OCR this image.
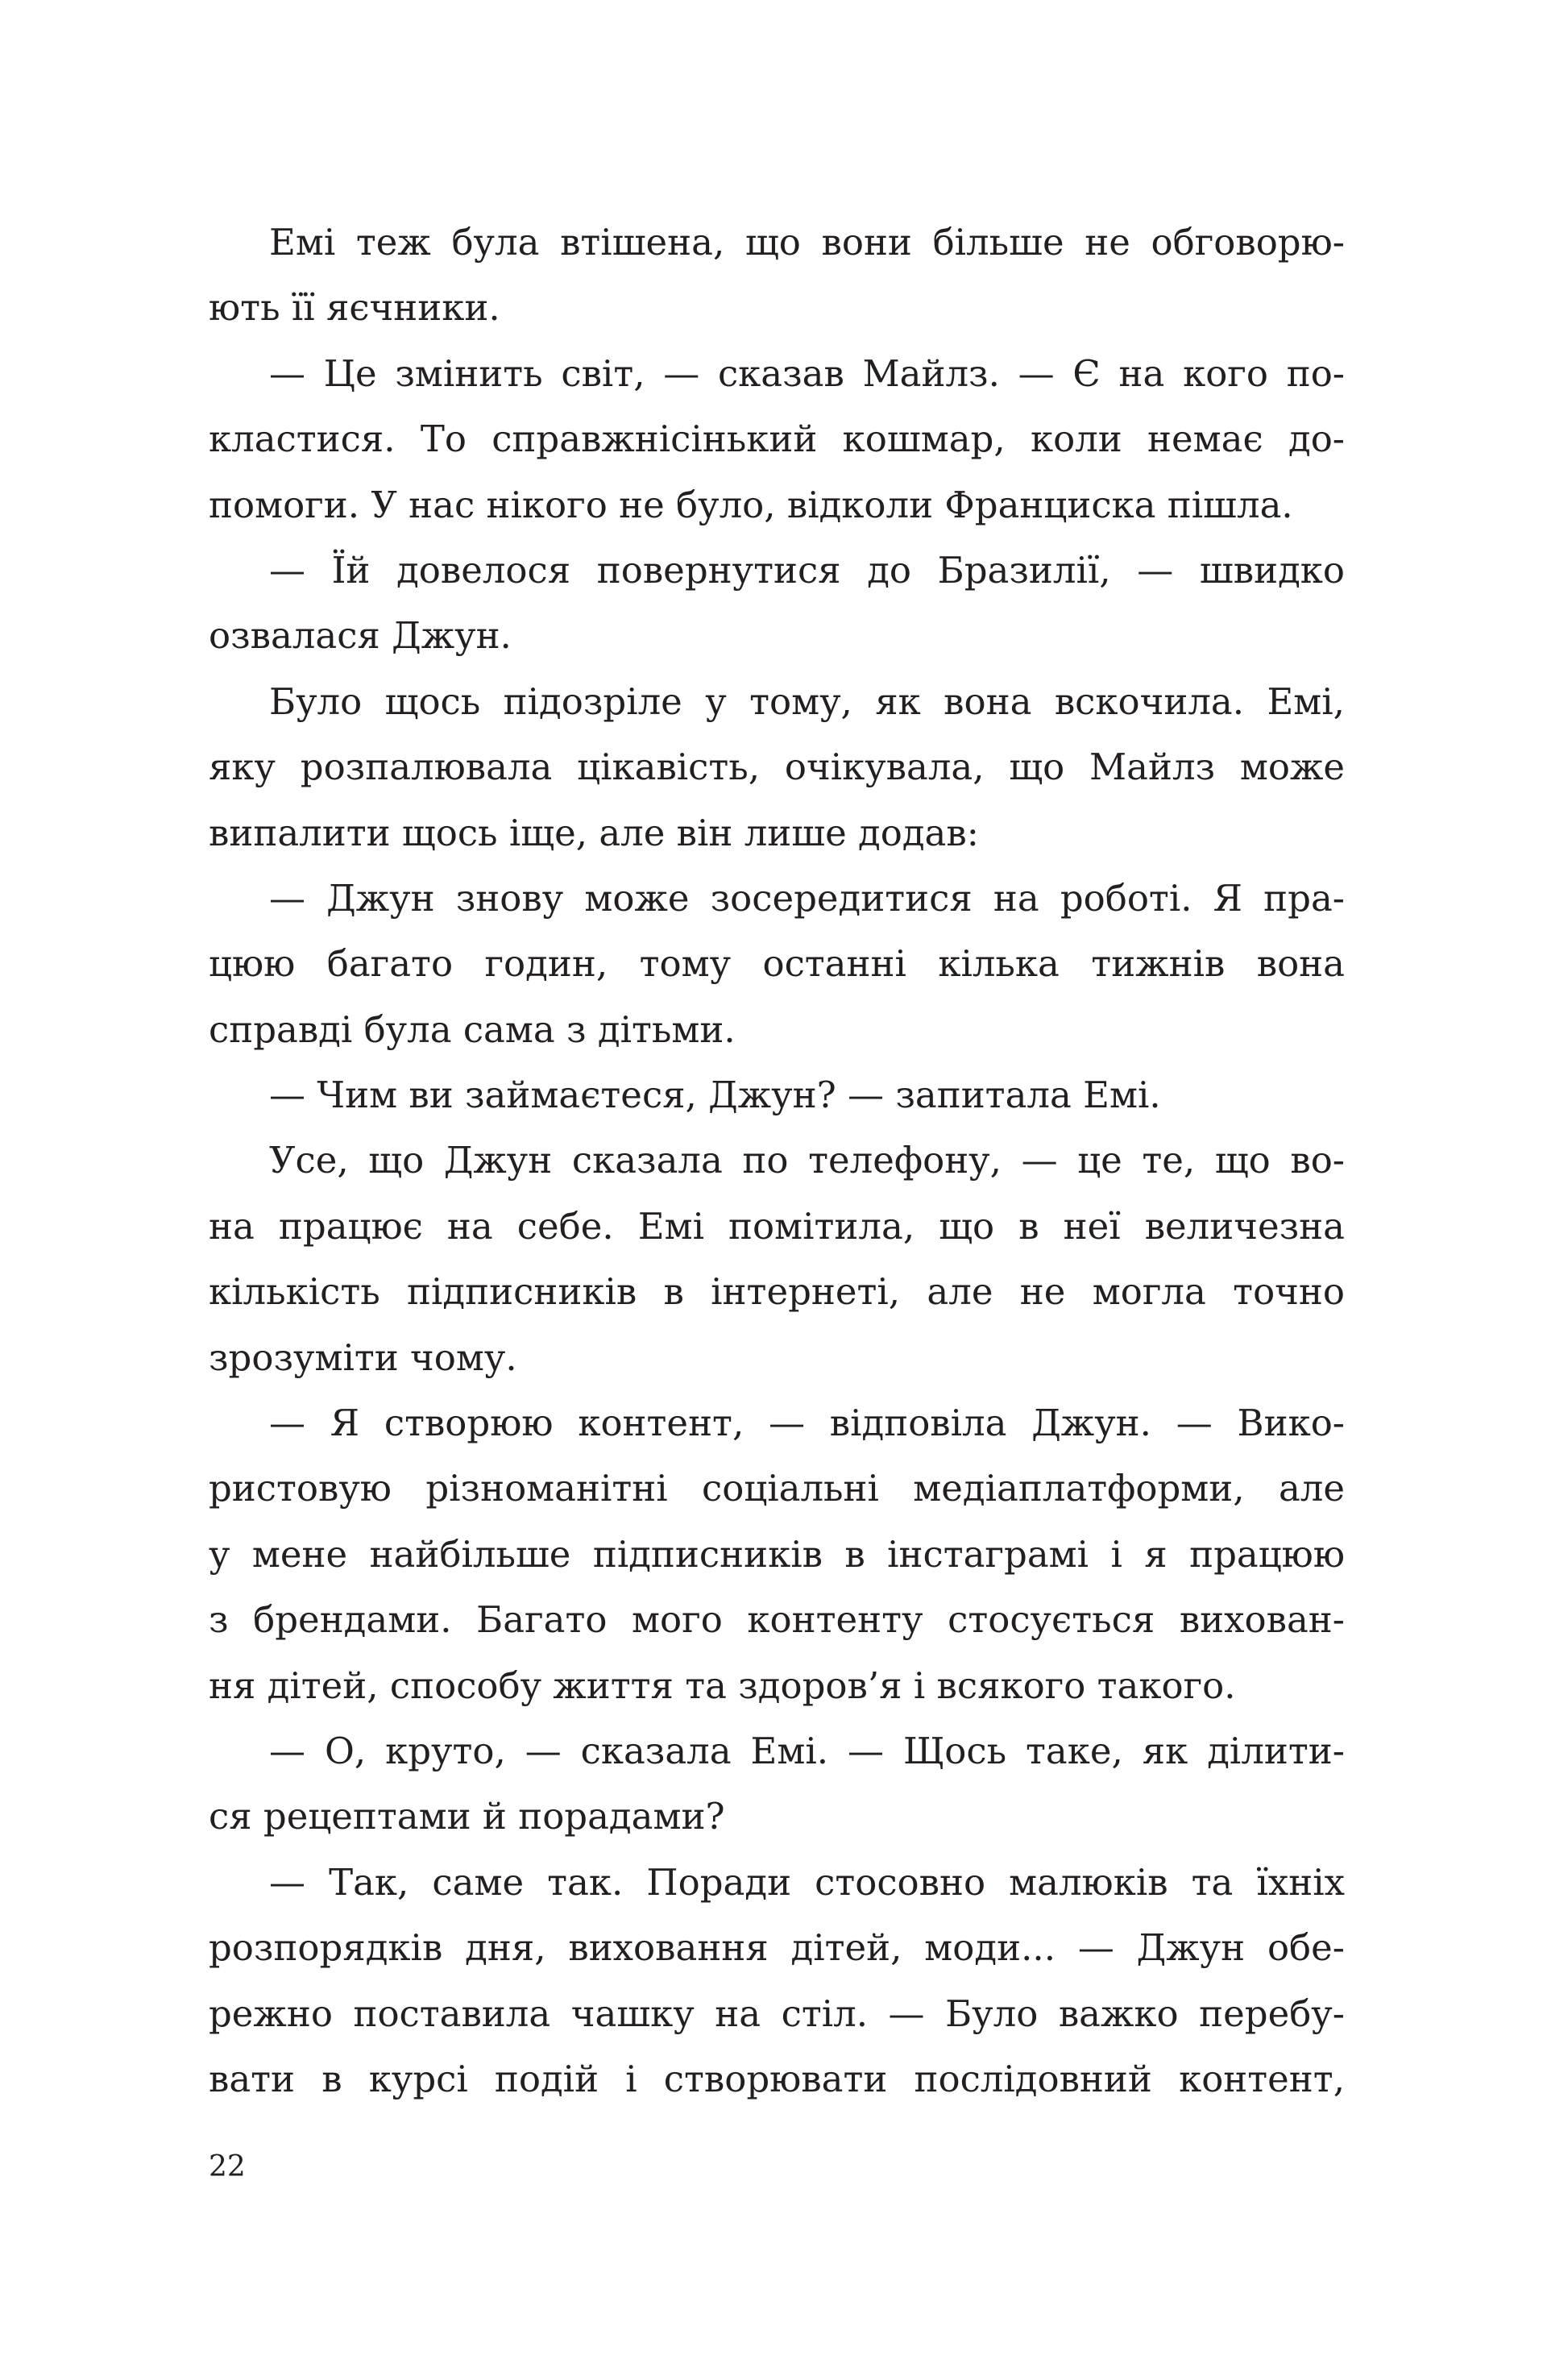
Емі теж була втішена, що вони більше не обговорю-
ють її яєчники.
— Це змінить світ, — сказав Майлз. — Є на кого по-
кластися. То справжнісінький кошмар, коли немає до-
помоги. У нас нікого не було, відколи Франциска пішла.
— Їй довелося повернутися до Бразилії, — швидко
озвалася Джун.
Було щось підозріле у тому, як вона вскочила. Емі,
яку розпалювала цікавість, очікувала, що Майлз може
випалити щось іще, але він лише додав:
— Джун знову може зосередитися на роботі. Я пра-
цюю багато годин, тому останні кілька тижнів вона
справді була сама з дітьми.
— Чим ви займаєтеся, Джун? — запитала Емі.
Усе, що Джун сказала по телефону, — це те, що во-
на працює на себе. Емі помітила, що в неї величезна
кількість підписників в інтернеті, але не могла точно
зрозуміти чому.
— Я створюю контент, — відповіла Джун. — Вико-
ристовую різноманітні соціальні медіаплатформи, але
у мене найбільше підписників в інстаграмі і я працюю
з брендами. Багато мого контенту стосується вихован-
ня дітей, способу життя та здоров’я і всякого такого.
— О, круто, — сказала Емі. — Щось таке, як ділити-
ся рецептами й порадами?
— Так, саме так. Поради стосовно малюків та їхніх
розпорядків дня, виховання дітей, моди... — Джун обе-
режно поставила чашку на стіл. — Було важко перебу-
вати в курсі подій і створювати послідовний контент,
22
